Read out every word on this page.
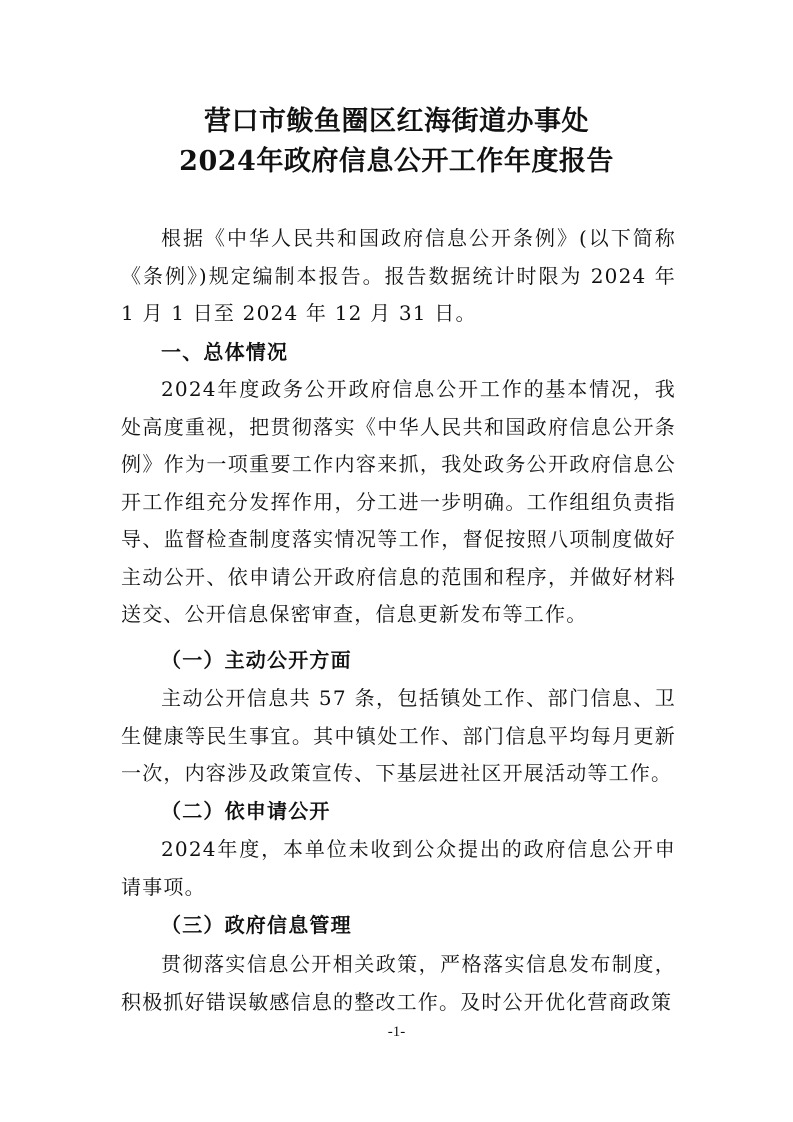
营口市鲅鱼圈区红海街道办事处
2024年政府信息公开工作年度报告

根据《中华人民共和国政府信息公开条例》(以下简称《条例》)规定编制本报告。报告数据统计时限为 2024 年 1 月 1 日至 2024 年 12 月 31 日。

一、总体情况

2024年度政务公开政府信息公开工作的基本情况，我处高度重视，把贯彻落实《中华人民共和国政府信息公开条例》作为一项重要工作内容来抓，我处政务公开政府信息公开工作组充分发挥作用，分工进一步明确。工作组组负责指导、监督检查制度落实情况等工作，督促按照八项制度做好主动公开、依申请公开政府信息的范围和程序，并做好材料送交、公开信息保密审查，信息更新发布等工作。

（一）主动公开方面

主动公开信息共 57 条，包括镇处工作、部门信息、卫生健康等民生事宜。其中镇处工作、部门信息平均每月更新一次，内容涉及政策宣传、下基层进社区开展活动等工作。

（二）依申请公开

2024年度，本单位未收到公众提出的政府信息公开申请事项。

（三）政府信息管理

贯彻落实信息公开相关政策，严格落实信息发布制度，积极抓好错误敏感信息的整改工作。及时公开优化营商政策

-1-
